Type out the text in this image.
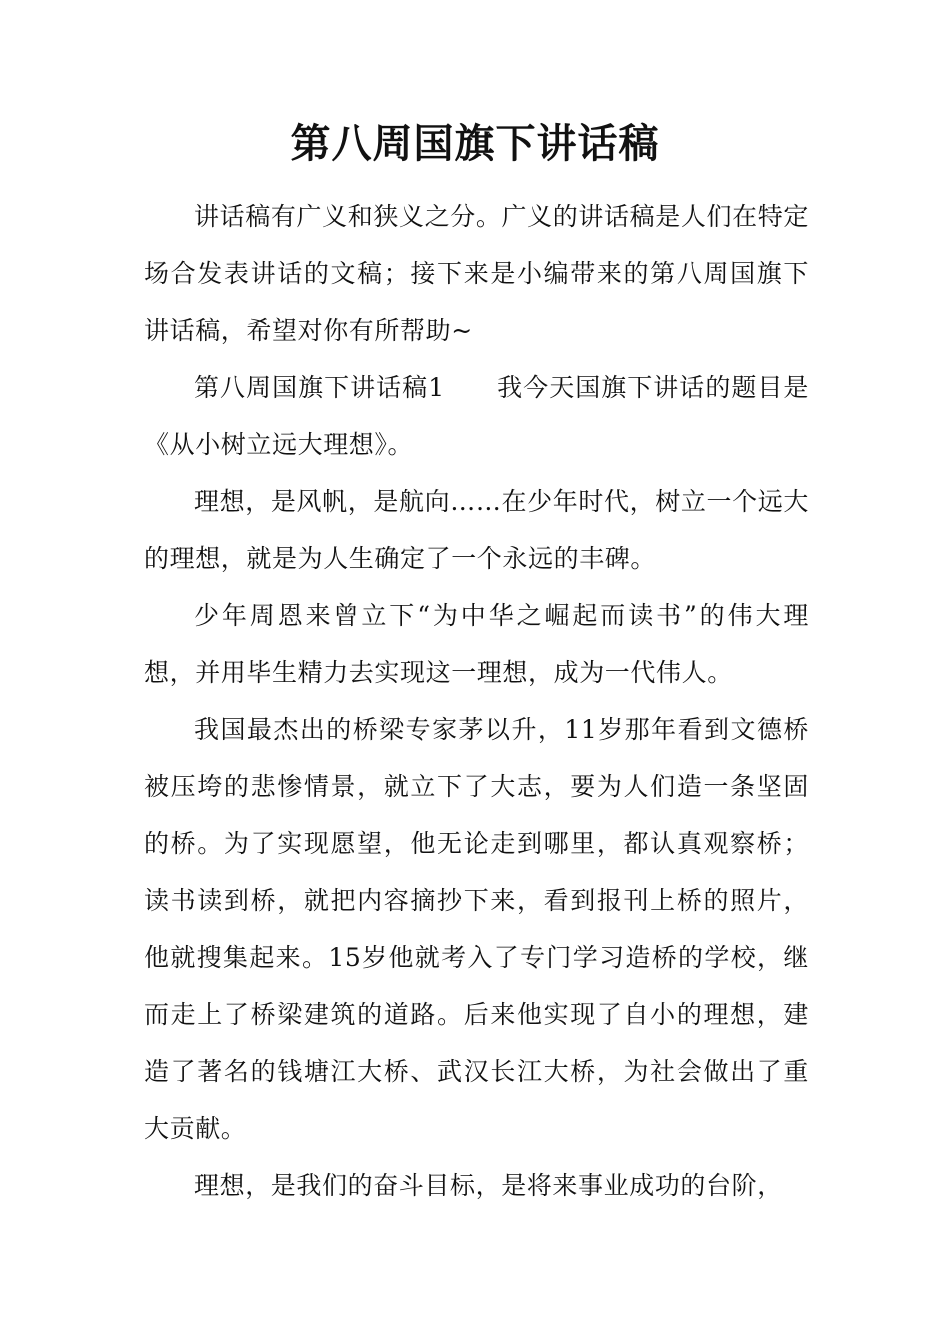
第八周国旗下讲话稿

讲话稿有广义和狭义之分。广义的讲话稿是人们在特定场合发表讲话的文稿；接下来是小编带来的第八周国旗下讲话稿，希望对你有所帮助~

第八周国旗下讲话稿1　　我今天国旗下讲话的题目是《从小树立远大理想》。

理想，是风帆，是航向……在少年时代，树立一个远大的理想，就是为人生确定了一个永远的丰碑。

少年周恩来曾立下“为中华之崛起而读书”的伟大理想，并用毕生精力去实现这一理想，成为一代伟人。

我国最杰出的桥梁专家茅以升，11岁那年看到文德桥被压垮的悲惨情景，就立下了大志，要为人们造一条坚固的桥。为了实现愿望，他无论走到哪里，都认真观察桥；读书读到桥，就把内容摘抄下来，看到报刊上桥的照片，他就搜集起来。15岁他就考入了专门学习造桥的学校，继而走上了桥梁建筑的道路。后来他实现了自小的理想，建造了著名的钱塘江大桥、武汉长江大桥，为社会做出了重大贡献。

理想，是我们的奋斗目标，是将来事业成功的台阶，
